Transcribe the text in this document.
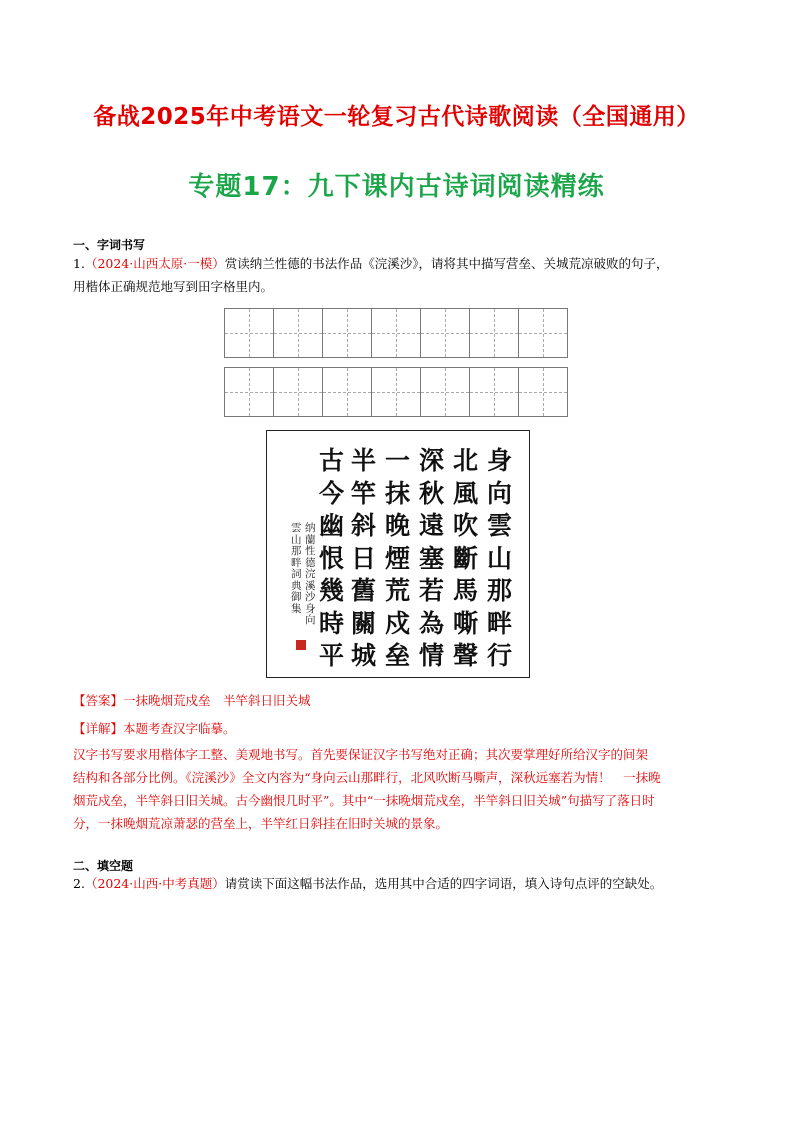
备战2025年中考语文一轮复习古代诗歌阅读（全国通用）
专题17：九下课内古诗词阅读精练
一、字词书写
1.（2024·山西太原·一模）赏读纳兰性德的书法作品《浣溪沙》，请将其中描写营垒、关城荒凉破败的句子，
用楷体正确规范地写到田字格里内。
身向雲山那畔行
北風吹斷馬嘶聲
深秋遠塞若為情
一抹晚煙荒戍垒
半竿斜日舊關城
古今幽恨幾時平
纳蘭性德浣溪沙身向
雲山那畔詞典御集
【答案】一抹晚烟荒戍垒　半竿斜日旧关城
【详解】本题考查汉字临摹。
汉字书写要求用楷体字工整、美观地书写。首先要保证汉字书写绝对正确；其次要掌理好所给汉字的间架
结构和各部分比例。《浣溪沙》全文内容为“身向云山那畔行，北风吹断马嘶声，深秋远塞若为情！　一抹晚
烟荒戍垒，半竿斜日旧关城。古今幽恨几时平”。其中“一抹晚烟荒戍垒，半竿斜日旧关城”句描写了落日时
分，一抹晚烟荒凉萧瑟的营垒上，半竿红日斜挂在旧时关城的景象。
二、填空题
2.（2024·山西·中考真题）请赏读下面这幅书法作品，选用其中合适的四字词语，填入诗句点评的空缺处。
